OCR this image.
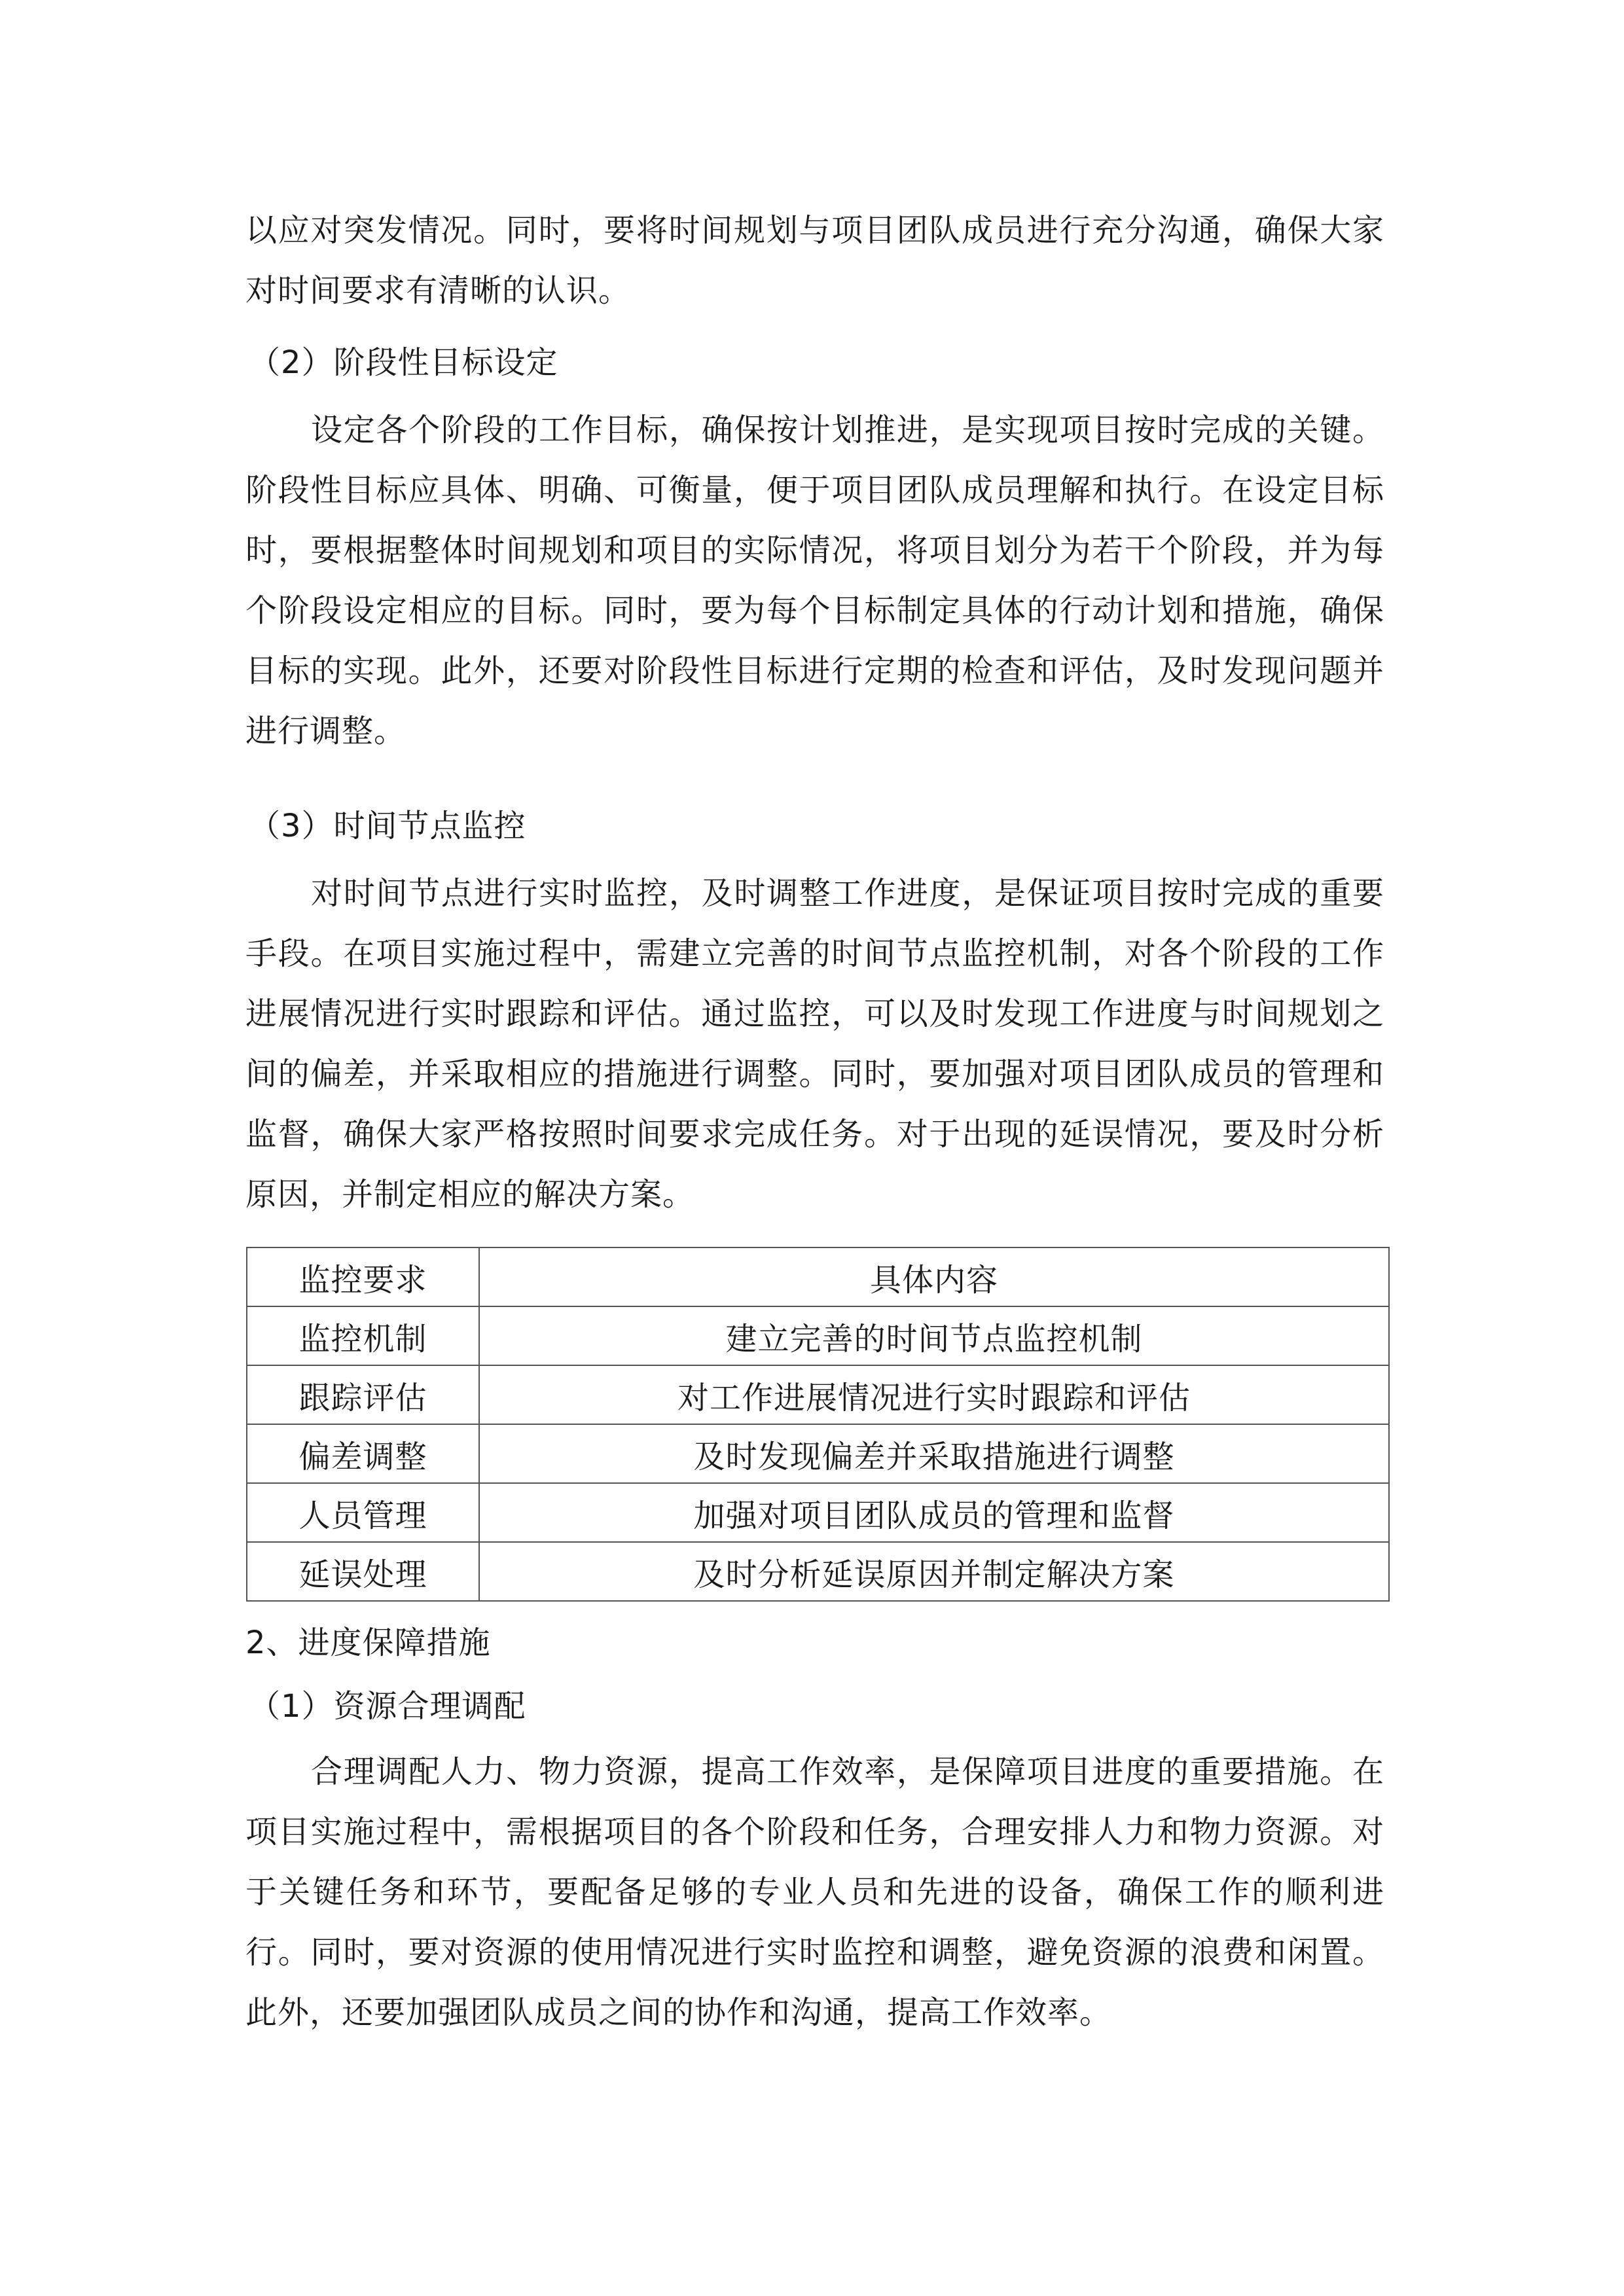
以应对突发情况。同时，要将时间规划与项目团队成员进行充分沟通，确保大家对时间要求有清晰的认识。

（2）阶段性目标设定

设定各个阶段的工作目标，确保按计划推进，是实现项目按时完成的关键。阶段性目标应具体、明确、可衡量，便于项目团队成员理解和执行。在设定目标时，要根据整体时间规划和项目的实际情况，将项目划分为若干个阶段，并为每个阶段设定相应的目标。同时，要为每个目标制定具体的行动计划和措施，确保目标的实现。此外，还要对阶段性目标进行定期的检查和评估，及时发现问题并进行调整。

（3）时间节点监控

对时间节点进行实时监控，及时调整工作进度，是保证项目按时完成的重要手段。在项目实施过程中，需建立完善的时间节点监控机制，对各个阶段的工作进展情况进行实时跟踪和评估。通过监控，可以及时发现工作进度与时间规划之间的偏差，并采取相应的措施进行调整。同时，要加强对项目团队成员的管理和监督，确保大家严格按照时间要求完成任务。对于出现的延误情况，要及时分析原因，并制定相应的解决方案。

监控要求	具体内容
监控机制	建立完善的时间节点监控机制
跟踪评估	对工作进展情况进行实时跟踪和评估
偏差调整	及时发现偏差并采取措施进行调整
人员管理	加强对项目团队成员的管理和监督
延误处理	及时分析延误原因并制定解决方案

2、进度保障措施

（1）资源合理调配

合理调配人力、物力资源，提高工作效率，是保障项目进度的重要措施。在项目实施过程中，需根据项目的各个阶段和任务，合理安排人力和物力资源。对于关键任务和环节，要配备足够的专业人员和先进的设备，确保工作的顺利进行。同时，要对资源的使用情况进行实时监控和调整，避免资源的浪费和闲置。此外，还要加强团队成员之间的协作和沟通，提高工作效率。
